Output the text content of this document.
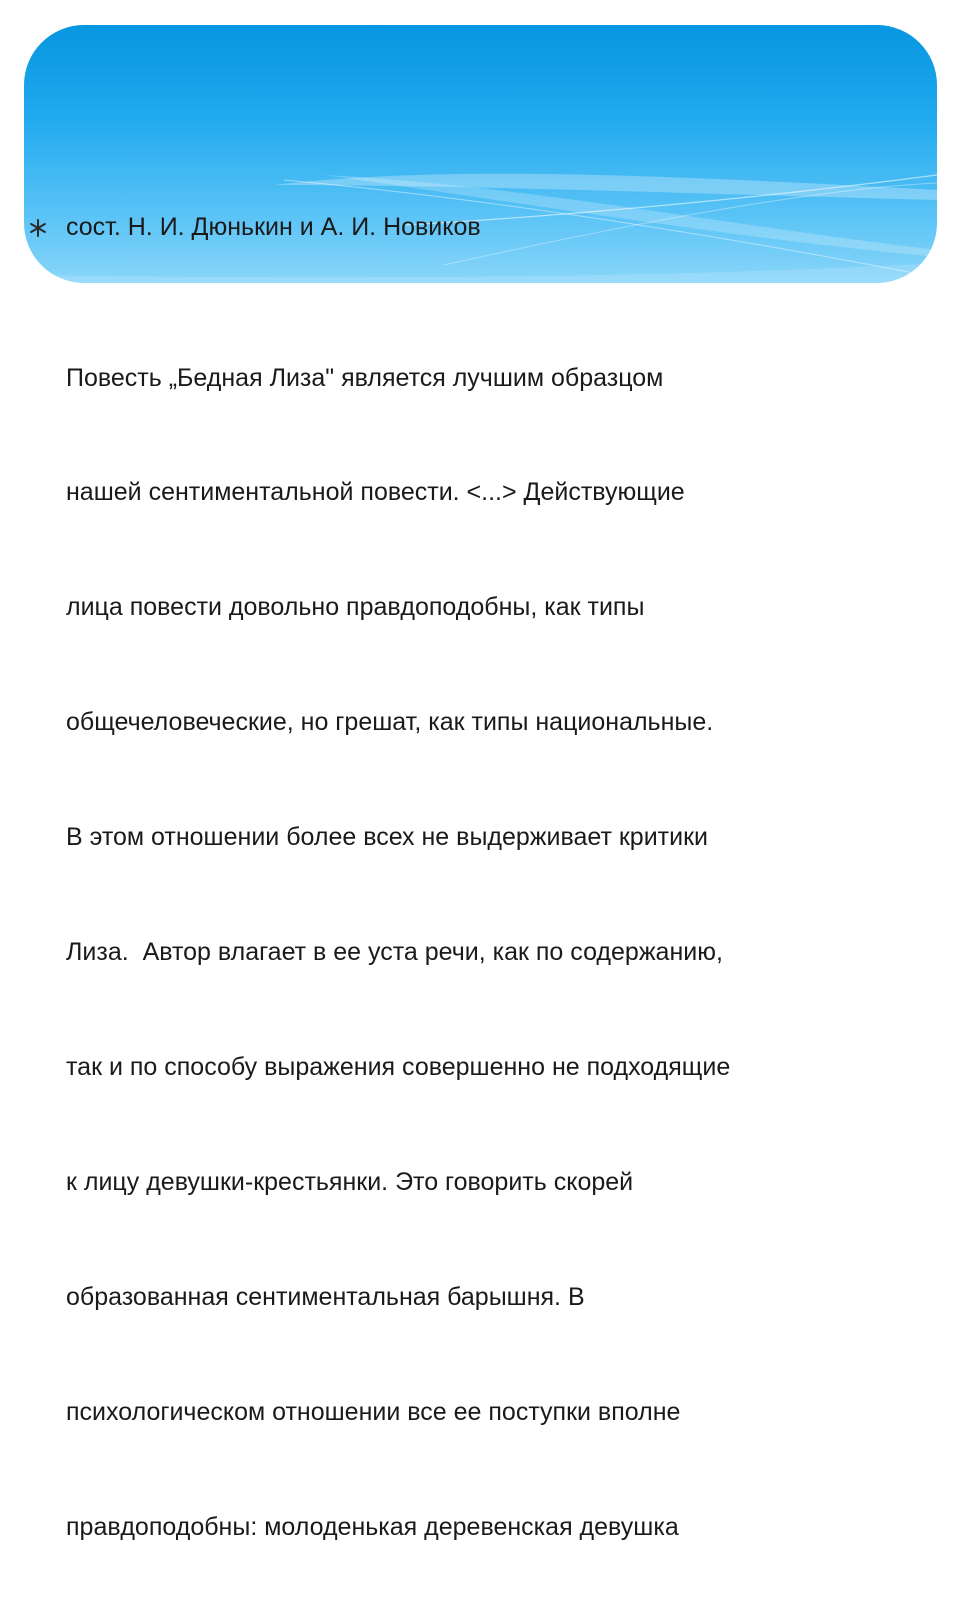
сост. Н. И. Дюнькин и А. И. Новиков

Повесть „Бедная Лиза" является лучшим образцом

нашей сентиментальной повести. <...> Действующие

лица повести довольно правдоподобны, как типы

общечеловеческие, но грешат, как типы национальные.

В этом отношении более всех не выдерживает критики

Лиза.  Автор влагает в ее уста речи, как по содержанию,

так и по способу выражения совершенно не подходящие

к лицу девушки-крестьянки. Это говорить скорей

образованная сентиментальная барышня. В

психологическом отношении все ее поступки вполне

правдоподобны: молоденькая деревенская девушка
